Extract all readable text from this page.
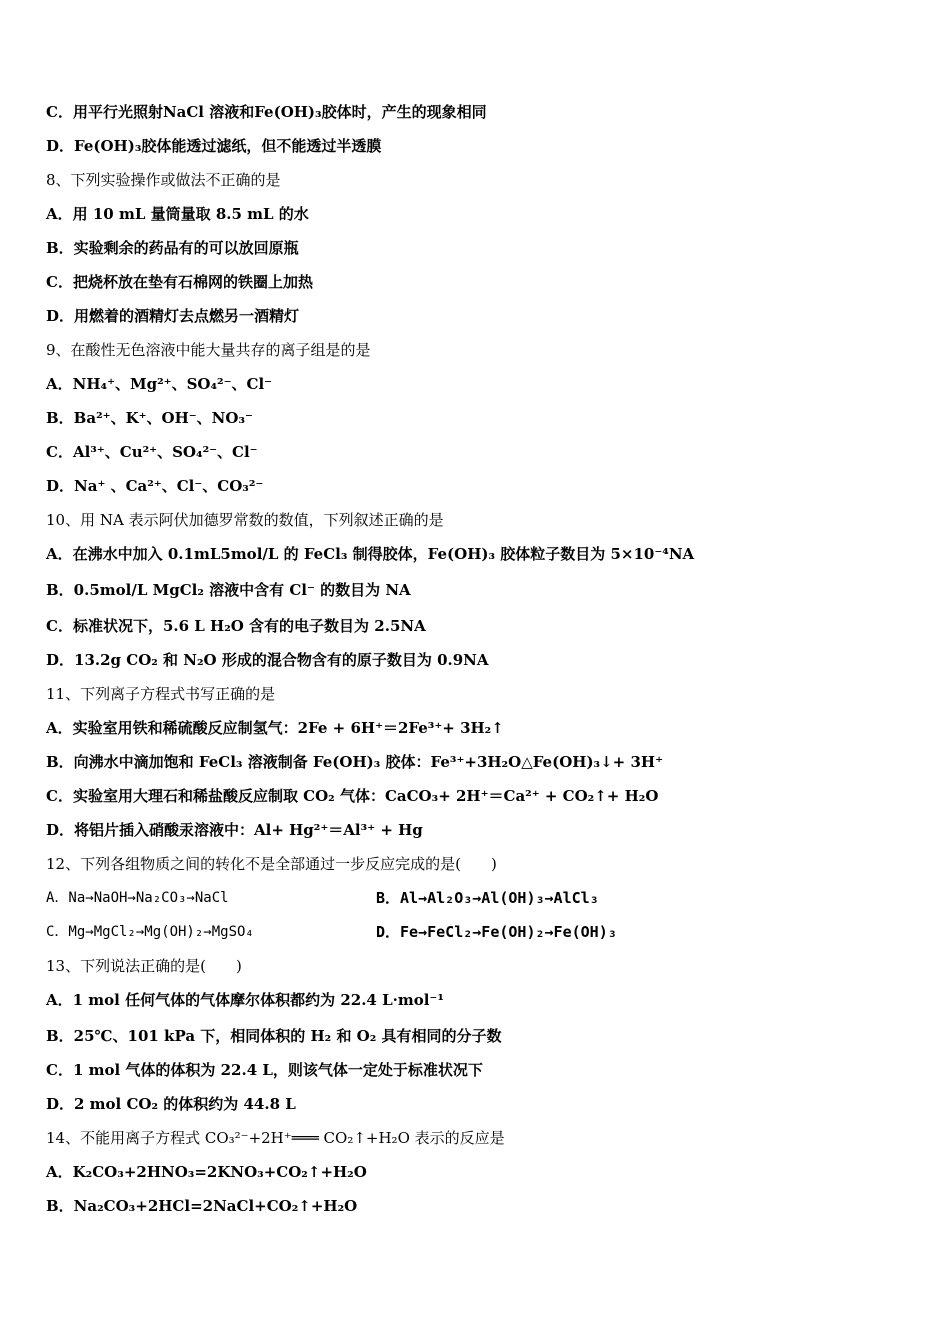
C．用平行光照射NaCl 溶液和Fe(OH)₃胶体时，产生的现象相同
D．Fe(OH)₃胶体能透过滤纸，但不能透过半透膜
8、下列实验操作或做法不正确的是
A．用 10 mL 量筒量取 8.5 mL 的水
B．实验剩余的药品有的可以放回原瓶
C．把烧杯放在垫有石棉网的铁圈上加热
D．用燃着的酒精灯去点燃另一酒精灯
9、在酸性无色溶液中能大量共存的离子组是的是
A．NH₄⁺、Mg²⁺、SO₄²⁻、Cl⁻
B．Ba²⁺、K⁺、OH⁻、NO₃⁻
C．Al³⁺、Cu²⁺、SO₄²⁻、Cl⁻
D．Na⁺ 、Ca²⁺、Cl⁻、CO₃²⁻
10、用 NA 表示阿伏加德罗常数的数值，下列叙述正确的是
A．在沸水中加入 0.1mL5mol/L 的 FeCl₃ 制得胶体，Fe(OH)₃ 胶体粒子数目为 5×10⁻⁴NA
B．0.5mol/L MgCl₂ 溶液中含有 Cl⁻ 的数目为 NA
C．标准状况下，5.6 L H₂O 含有的电子数目为 2.5NA
D．13.2g CO₂ 和 N₂O 形成的混合物含有的原子数目为 0.9NA
11、下列离子方程式书写正确的是
A．实验室用铁和稀硫酸反应制氢气：2Fe + 6H⁺＝2Fe³⁺+ 3H₂↑
B．向沸水中滴加饱和 FeCl₃ 溶液制备 Fe(OH)₃ 胶体：Fe³⁺+3H₂O△Fe(OH)₃↓+ 3H⁺
C．实验室用大理石和稀盐酸反应制取 CO₂ 气体：CaCO₃+ 2H⁺＝Ca²⁺ + CO₂↑+ H₂O
D．将铝片插入硝酸汞溶液中：Al+ Hg²⁺＝Al³⁺ + Hg
12、下列各组物质之间的转化不是全部通过一步反应完成的是(　　)
A．Na→NaOH→Na₂CO₃→NaCl	B．Al→Al₂O₃→Al(OH)₃→AlCl₃
C．Mg→MgCl₂→Mg(OH)₂→MgSO₄	D．Fe→FeCl₂→Fe(OH)₂→Fe(OH)₃
13、下列说法正确的是(　　)
A．1 mol 任何气体的气体摩尔体积都约为 22.4 L·mol⁻¹
B．25℃、101 kPa 下，相同体积的 H₂ 和 O₂ 具有相同的分子数
C．1 mol 气体的体积为 22.4 L，则该气体一定处于标准状况下
D．2 mol CO₂ 的体积约为 44.8 L
14、不能用离子方程式 CO₃²⁻+2H⁺═══ CO₂↑+H₂O 表示的反应是
A．K₂CO₃+2HNO₃=2KNO₃+CO₂↑+H₂O
B．Na₂CO₃+2HCl=2NaCl+CO₂↑+H₂O
